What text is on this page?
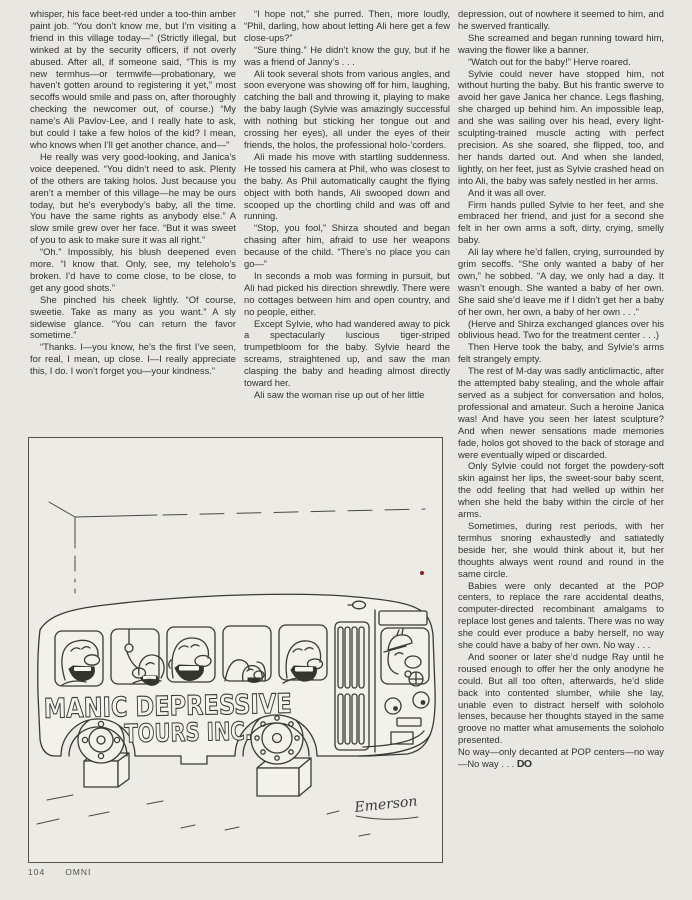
whisper, his face beet-red under a too-thin amber paint job. “You don’t know me, but I’m visiting a friend in this village today—” (Strictly illegal, but winked at by the security officers, if not overly abused. After all, if someone said, “This is my new termhus—or termwife—probationary, we haven’t gotten around to registering it yet,” most secoffs would smile and pass on, after thoroughly checking the newcomer out, of course.) “My name’s Ali Pavlov-Lee, and I really hate to ask, but could I take a few holos of the kid? I mean, who knows when I’ll get another chance, and—”

He really was very good-looking, and Janica’s voice deepened. “You didn’t need to ask. Plenty of the others are taking holos. Just because you aren’t a member of this village—he may be ours today, but he’s everybody’s baby, all the time. You have the same rights as anybody else.” A slow smile grew over her face. “But it was sweet of you to ask to make sure it was all right.”

“Oh.” Impossibly, his blush deepened even more. “I know that. Only, see, my teleholo’s broken. I’d have to come close, to be close, to get any good shots.”

She pinched his cheek lightly. “Of course, sweetie. Take as many as you want.” A sly sidewise glance. “You can return the favor sometime.”

“Thanks. I—you know, he’s the first I’ve seen, for real, I mean, up close. I—I really appreciate this, I do. I won’t forget you—your kindness.”

“I hope not,” she purred. Then, more loudly, “Phil, darling, how about letting Ali here get a few close-ups?”

“Sure thing.” He didn’t know the guy, but if he was a friend of Janny’s . . .

Ali took several shots from various angles, and soon everyone was showing off for him, laughing, catching the ball and throwing it, playing to make the baby laugh (Sylvie was amazingly successful with nothing but sticking her tongue out and crossing her eyes), all under the eyes of their friends, the holos, the professional holo-’corders.

Ali made his move with startling suddenness. He tossed his camera at Phil, who was closest to the baby. As Phil automatically caught the flying object with both hands, Ali swooped down and scooped up the chortling child and was off and running.

“Stop, you fool,” Shirza shouted and began chasing after him, afraid to use her weapons because of the child. “There’s no place you can go—”

In seconds a mob was forming in pursuit, but Ali had picked his direction shrewdly. There were no cottages between him and open country, and no people, either.

Except Sylvie, who had wandered away to pick a spectacularly luscious tiger-striped trumpetbloom for the baby. Sylvie heard the screams, straightened up, and saw the man clasping the baby and heading almost directly toward her.

Ali saw the woman rise up out of her little

depression, out of nowhere it seemed to him, and he swerved frantically.

She screamed and began running toward him, waving the flower like a banner.

“Watch out for the baby!” Herve roared.

Sylvie could never have stopped him, not without hurting the baby. But his frantic swerve to avoid her gave Janica her chance. Legs flashing, she charged up behind him. An impossible leap, and she was sailing over his head, every light-sculpting-trained muscle acting with perfect precision. As she soared, she flipped, too, and her hands darted out. And when she landed, lightly, on her feet, just as Sylvie crashed head on into Ali, the baby was safely nestled in her arms.

And it was all over.

Firm hands pulled Sylvie to her feet, and she embraced her friend, and just for a second she felt in her own arms a soft, dirty, crying, smelly baby.

Ali lay where he’d fallen, crying, surrounded by grim secoffs. “She only wanted a baby of her own,” he sobbed. “A day, we only had a day. It wasn’t enough. She wanted a baby of her own. She said she’d leave me if I didn’t get her a baby of her own, her own, a baby of her own . . .”

(Herve and Shirza exchanged glances over his oblivious head. Two for the treatment center . . .)

Then Herve took the baby, and Sylvie’s arms felt strangely empty.

The rest of M-day was sadly anticlimactic, after the attempted baby stealing, and the whole affair served as a subject for conversation and holos, professional and amateur. Such a heroine Janica was! And have you seen her latest sculpture? And when newer sensations made memories fade, holos got shoved to the back of storage and were eventually wiped or discarded.

Only Sylvie could not forget the powdery-soft skin against her lips, the sweet-sour baby scent, the odd feeling that had welled up within her when she held the baby within the circle of her arms.

Sometimes, during rest periods, with her termhus snoring exhaustedly and satiatedly beside her, she would think about it, but her thoughts always went round and round in the same circle.

Babies were only decanted at the POP centers, to replace the rare accidental deaths, computer-directed recombinant amalgams to replace lost genes and talents. There was no way she could ever produce a baby herself, no way she could have a baby of her own. No way . . .

And sooner or later she’d nudge Ray until he roused enough to offer her the only anodyne he could. But all too often, afterwards, he’d slide back into contented slumber, while she lay, unable even to distract herself with soloholo lenses, because her thoughts stayed in the same groove no matter what amusements the soloholo presented.

No way—only decanted at POP centers—no way—No way . . . DO

MANIC DEPRESSIVE
TOURS INC.
Emerson
104 OMNI
